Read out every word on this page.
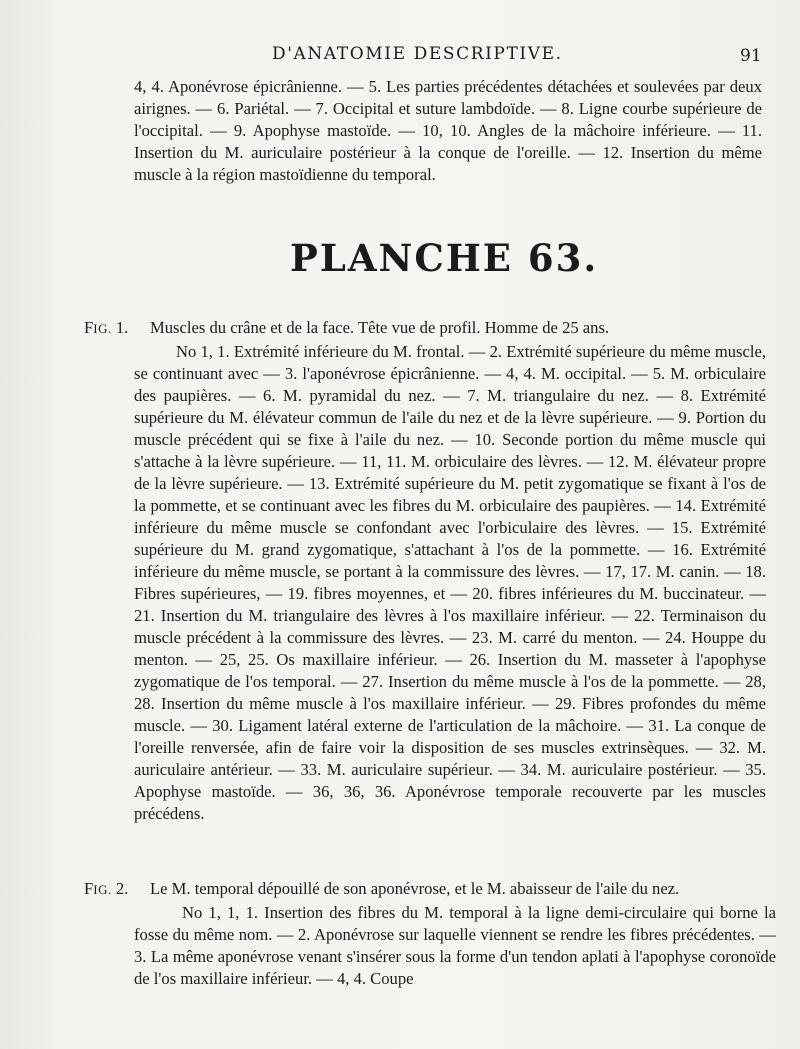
D'ANATOMIE DESCRIPTIVE.	91
4, 4. Aponévrose épicrânienne. — 5. Les parties précédentes détachées et soulevées par deux airignes. — 6. Pariétal. — 7. Occipital et suture lambdoïde. — 8. Ligne courbe supérieure de l'occipital. — 9. Apophyse mastoïde. — 10, 10. Angles de la mâchoire inférieure. — 11. Insertion du M. auriculaire postérieur à la conque de l'oreille. — 12. Insertion du même muscle à la région mastoïdienne du temporal.
PLANCHE 63.
FIG. 1. Muscles du crâne et de la face. Tête vue de profil. Homme de 25 ans.
No 1, 1. Extrémité inférieure du M. frontal. — 2. Extrémité supérieure du même muscle, se continuant avec — 3. l'aponévrose épicrânienne. — 4, 4. M. occipital. — 5. M. orbiculaire des paupières. — 6. M. pyramidal du nez. — 7. M. triangulaire du nez. — 8. Extrémité supérieure du M. élévateur commun de l'aile du nez et de la lèvre supérieure. — 9. Portion du muscle précédent qui se fixe à l'aile du nez. — 10. Seconde portion du même muscle qui s'attache à la lèvre supérieure. — 11, 11. M. orbiculaire des lèvres. — 12. M. élévateur propre de la lèvre supérieure. — 13. Extrémité supérieure du M. petit zygomatique se fixant à l'os de la pommette, et se continuant avec les fibres du M. orbiculaire des paupières. — 14. Extrémité inférieure du même muscle se confondant avec l'orbiculaire des lèvres. — 15. Extrémité supérieure du M. grand zygomatique, s'attachant à l'os de la pommette. — 16. Extrémité inférieure du même muscle, se portant à la commissure des lèvres. — 17, 17. M. canin. — 18. Fibres supérieures, — 19. fibres moyennes, et — 20. fibres inférieures du M. buccinateur. — 21. Insertion du M. triangulaire des lèvres à l'os maxillaire inférieur. — 22. Terminaison du muscle précédent à la commissure des lèvres. — 23. M. carré du menton. — 24. Houppe du menton. — 25, 25. Os maxillaire inférieur. — 26. Insertion du M. masseter à l'apophyse zygomatique de l'os temporal. — 27. Insertion du même muscle à l'os de la pommette. — 28, 28. Insertion du même muscle à l'os maxillaire inférieur. — 29. Fibres profondes du même muscle. — 30. Ligament latéral externe de l'articulation de la mâchoire. — 31. La conque de l'oreille renversée, afin de faire voir la disposition de ses muscles extrinsèques. — 32. M. auriculaire antérieur. — 33. M. auriculaire supérieur. — 34. M. auriculaire postérieur. — 35. Apophyse mastoïde. — 36, 36, 36. Aponévrose temporale recouverte par les muscles précédens.
FIG. 2. Le M. temporal dépouillé de son aponévrose, et le M. abaisseur de l'aile du nez.
No 1, 1, 1. Insertion des fibres du M. temporal à la ligne demi-circulaire qui borne la fosse du même nom. — 2. Aponévrose sur laquelle viennent se rendre les fibres précédentes. — 3. La même aponévrose venant s'insérer sous la forme d'un tendon aplati à l'apophyse coronoïde de l'os maxillaire inférieur. — 4, 4. Coupe
